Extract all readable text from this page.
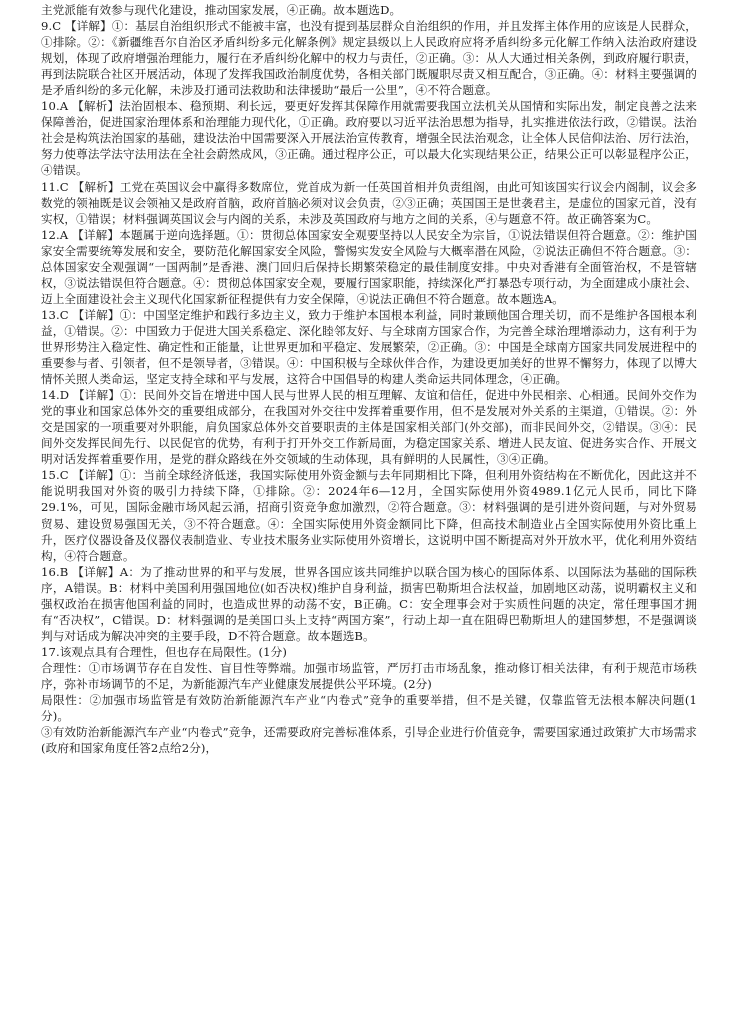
主党派能有效参与现代化建设，推动国家发展，④正确。故本题选D。

9.C 【详解】①：基层自治组织形式不能被丰富，也没有提到基层群众自治组织的作用，并且发挥主体作用的应该是人民群众，①排除。②：《新疆维吾尔自治区矛盾纠纷多元化解条例》规定县级以上人民政府应将矛盾纠纷多元化解工作纳入法治政府建设规划，体现了政府增强治理能力，履行在矛盾纠纷化解中的权力与责任，②正确。③：从人大通过相关条例，到政府履行职责，再到法院联合社区开展活动，体现了发挥我国政治制度优势，各相关部门既履职尽责又相互配合，③正确。④：材料主要强调的是矛盾纠纷的多元化解，未涉及打通司法救助和法律援助“最后一公里”，④不符合题意。

10.A 【解析】法治固根本、稳预期、利长远，要更好发挥其保障作用就需要我国立法机关从国情和实际出发，制定良善之法来保障善治，促进国家治理体系和治理能力现代化，①正确。政府要以习近平法治思想为指导，扎实推进依法行政，②错误。法治社会是构筑法治国家的基础，建设法治中国需要深入开展法治宣传教育，增强全民法治观念，让全体人民信仰法治、厉行法治，努力使尊法学法守法用法在全社会蔚然成风，③正确。通过程序公正，可以最大化实现结果公正，结果公正可以彰显程序公正，④错误。

11.C 【解析】工党在英国议会中赢得多数席位，党首成为新一任英国首相并负责组阁，由此可知该国实行议会内阁制，议会多数党的领袖既是议会领袖又是政府首脑，政府首脑必须对议会负责，②③正确；英国国王是世袭君主，是虚位的国家元首，没有实权，①错误；材料强调英国议会与内阁的关系，未涉及英国政府与地方之间的关系，④与题意不符。故正确答案为C。

12.A 【详解】本题属于逆向选择题。①：贯彻总体国家安全观要坚持以人民安全为宗旨，①说法错误但符合题意。②：维护国家安全需要统筹发展和安全，要防范化解国家安全风险，警惕实发安全风险与大概率潜在风险，②说法正确但不符合题意。③：总体国家安全观强调“一国两制”是香港、澳门回归后保持长期繁荣稳定的最佳制度安排。中央对香港有全面管治权，不是管辖权，③说法错误但符合题意。④：贯彻总体国家安全观，要履行国家职能，持续深化严打暴恐专项行动，为全面建成小康社会、迈上全面建设社会主义现代化国家新征程提供有力安全保障，④说法正确但不符合题意。故本题选A。

13.C 【详解】①：中国坚定维护和践行多边主义，致力于维护本国根本利益，同时兼顾他国合理关切，而不是维护各国根本利益，①错误。②：中国致力于促进大国关系稳定、深化睦邻友好、与全球南方国家合作，为完善全球治理增添动力，这有利于为世界形势注入稳定性、确定性和正能量，让世界更加和平稳定、发展繁荣，②正确。③：中国是全球南方国家共同发展进程中的重要参与者、引领者，但不是领导者，③错误。④：中国积极与全球伙伴合作，为建设更加美好的世界不懈努力，体现了以博大情怀关照人类命运，坚定支持全球和平与发展，这符合中国倡导的构建人类命运共同体理念，④正确。

14.D 【详解】①：民间外交旨在增进中国人民与世界人民的相互理解、友谊和信任，促进中外民相亲、心相通。民间外交作为党的事业和国家总体外交的重要组成部分，在我国对外交往中发挥着重要作用，但不是发展对外关系的主渠道，①错误。②：外交是国家的一项重要对外职能，肩负国家总体外交首要职责的主体是国家相关部门(外交部)，而非民间外交，②错误。③④：民间外交发挥民间先行、以民促官的优势，有利于打开外交工作新局面，为稳定国家关系、增进人民友谊、促进务实合作、开展文明对话发挥着重要作用，是党的群众路线在外交领域的生动体现，具有鲜明的人民属性，③④正确。

15.C 【详解】①：当前全球经济低迷，我国实际使用外资金额与去年同期相比下降，但利用外资结构在不断优化，因此这并不能说明我国对外资的吸引力持续下降，①排除。②：2024年6—12月，全国实际使用外资4989.1亿元人民币，同比下降29.1%，可见，国际金融市场风起云涌，招商引资竞争愈加激烈，②符合题意。③：材料强调的是引进外资问题，与对外贸易贸易、建设贸易强国无关，③不符合题意。④：全国实际使用外资金额同比下降，但高技术制造业占全国实际使用外资比重上升，医疗仪器设备及仪器仪表制造业、专业技术服务业实际使用外资增长，这说明中国不断提高对外开放水平，优化利用外资结构，④符合题意。

16.B 【详解】A：为了推动世界的和平与发展，世界各国应该共同维护以联合国为核心的国际体系、以国际法为基础的国际秩序，A错误。B：材料中美国利用强国地位(如否决权)维护自身利益，损害巴勒斯坦合法权益，加剧地区动荡，说明霸权主义和强权政治在损害他国利益的同时，也造成世界的动荡不安，B正确。C：安全理事会对于实质性问题的决定，常任理事国才拥有“否决权”，C错误。D：材料强调的是美国口头上支持“两国方案”，行动上却一直在阻碍巴勒斯坦人的建国梦想，不是强调谈判与对话成为解决冲突的主要手段，D不符合题意。故本题选B。

17.该观点具有合理性，但也存在局限性。(1分)

合理性：①市场调节存在自发性、盲目性等弊端。加强市场监管，严厉打击市场乱象，推动修订相关法律，有利于规范市场秩序，弥补市场调节的不足，为新能源汽车产业健康发展提供公平环境。(2分)

局限性：②加强市场监管是有效防治新能源汽车产业“内卷式”竞争的重要举措，但不是关键，仅靠监管无法根本解决问题(1分)。

③有效防治新能源汽车产业“内卷式”竞争，还需要政府完善标准体系，引导企业进行价值竞争，需要国家通过政策扩大市场需求(政府和国家角度任答2点给2分)，
